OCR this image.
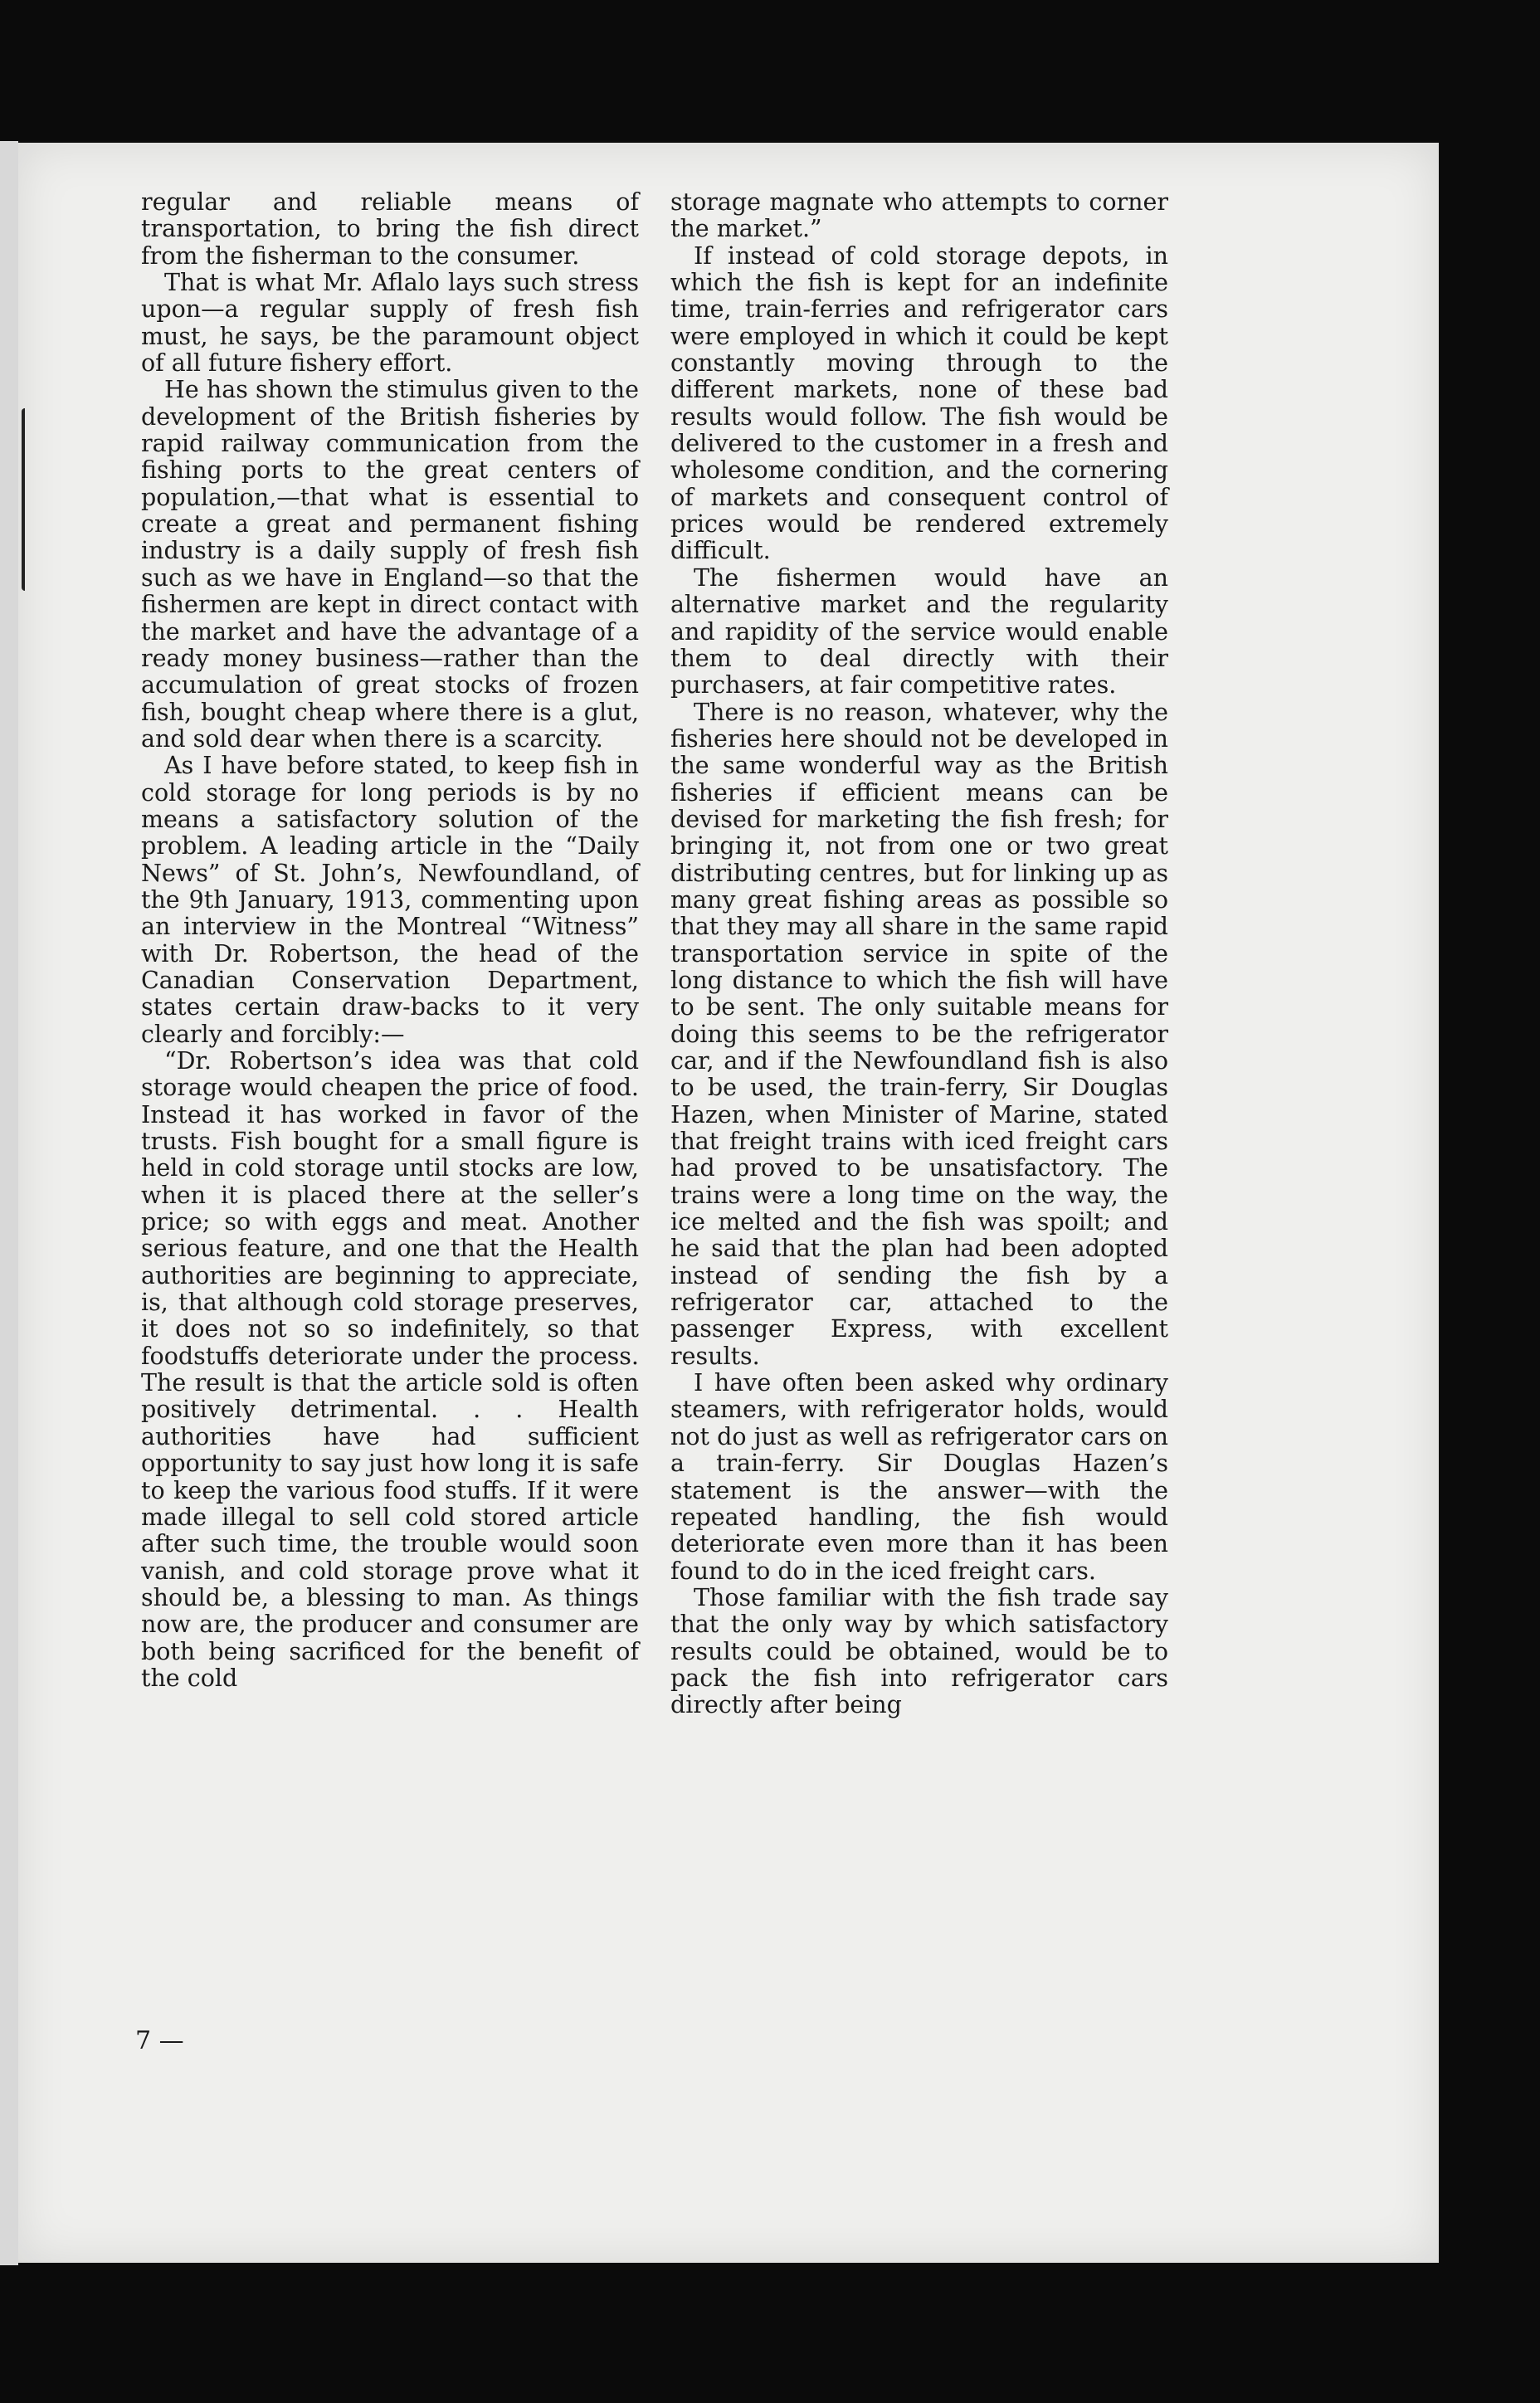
regular and reliable means of transportation, to bring the fish direct from the fisherman to the consumer.

That is what Mr. Aflalo lays such stress upon—a regular supply of fresh fish must, he says, be the paramount object of all future fishery effort.

He has shown the stimulus given to the development of the British fisheries by rapid railway communication from the fishing ports to the great centers of population,—that what is essential to create a great and permanent fishing industry is a daily supply of fresh fish such as we have in England—so that the fishermen are kept in direct contact with the market and have the advantage of a ready money business—rather than the accumulation of great stocks of frozen fish, bought cheap where there is a glut, and sold dear when there is a scarcity.

As I have before stated, to keep fish in cold storage for long periods is by no means a satisfactory solution of the problem. A leading article in the “Daily News” of St. John’s, Newfoundland, of the 9th January, 1913, commenting upon an interview in the Montreal “Witness” with Dr. Robertson, the head of the Canadian Conservation Department, states certain draw-backs to it very clearly and forcibly:—

“Dr. Robertson’s idea was that cold storage would cheapen the price of food. Instead it has worked in favor of the trusts. Fish bought for a small figure is held in cold storage until stocks are low, when it is placed there at the seller’s price; so with eggs and meat. Another serious feature, and one that the Health authorities are beginning to appreciate, is, that although cold storage preserves, it does not so so indefinitely, so that foodstuffs deteriorate under the process. The result is that the article sold is often positively detrimental. . . Health authorities have had sufficient opportunity to say just how long it is safe to keep the various food stuffs. If it were made illegal to sell cold stored article after such time, the trouble would soon vanish, and cold storage prove what it should be, a blessing to man. As things now are, the producer and consumer are both being sacrificed for the benefit of the cold

storage magnate who attempts to corner the market.”

If instead of cold storage depots, in which the fish is kept for an indefinite time, train-ferries and refrigerator cars were employed in which it could be kept constantly moving through to the different markets, none of these bad results would follow. The fish would be delivered to the customer in a fresh and wholesome condition, and the cornering of markets and consequent control of prices would be rendered extremely difficult.

The fishermen would have an alternative market and the regularity and rapidity of the service would enable them to deal directly with their purchasers, at fair competitive rates.

There is no reason, whatever, why the fisheries here should not be developed in the same wonderful way as the British fisheries if efficient means can be devised for marketing the fish fresh; for bringing it, not from one or two great distributing centres, but for linking up as many great fishing areas as possible so that they may all share in the same rapid transportation service in spite of the long distance to which the fish will have to be sent. The only suitable means for doing this seems to be the refrigerator car, and if the Newfoundland fish is also to be used, the train-ferry, Sir Douglas Hazen, when Minister of Marine, stated that freight trains with iced freight cars had proved to be unsatisfactory. The trains were a long time on the way, the ice melted and the fish was spoilt; and he said that the plan had been adopted instead of sending the fish by a refrigerator car, attached to the passenger Express, with excellent results.

I have often been asked why ordinary steamers, with refrigerator holds, would not do just as well as refrigerator cars on a train-ferry. Sir Douglas Hazen’s statement is the answer—with the repeated handling, the fish would deteriorate even more than it has been found to do in the iced freight cars.

Those familiar with the fish trade say that the only way by which satisfactory results could be obtained, would be to pack the fish into refrigerator cars directly after being

7 —
